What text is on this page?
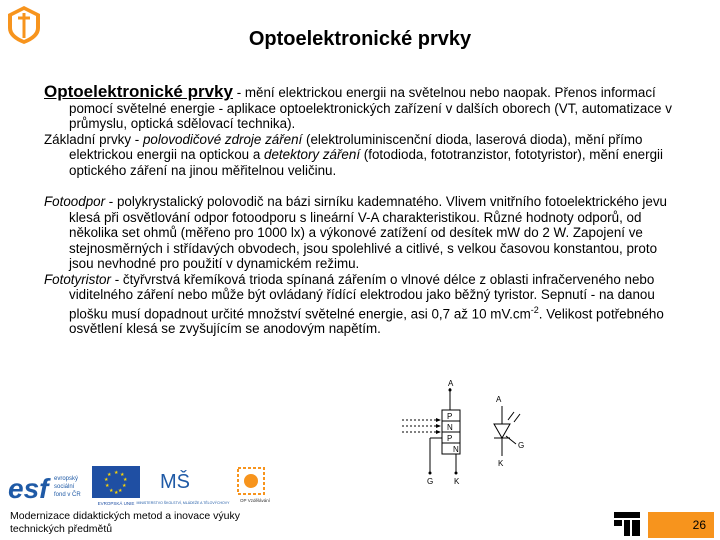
Optoelektronické prvky

Optoelektronické prvky - mění elektrickou energii na světelnou nebo naopak. Přenos informací pomocí světelné energie - aplikace optoelektronických zařízení v dalších oborech (VT, automatizace v průmyslu, optická sdělovací technika).

Základní prvky - polovodičové zdroje záření (elektroluminiscenční dioda, laserová dioda), mění přímo elektrickou energii na optickou a detektory záření (fotodioda, fototranzistor, fototyristor), mění energii optického záření na jinou měřitelnou veličinu.

Fotoodpor - polykrystalický polovodič na bázi sirníku kademnatého. Vlivem vnitřního fotoelektrického jevu klesá při osvětlování odpor fotoodporu s lineární V-A charakteristikou. Různé hodnoty odporů, od několika set ohmů (měřeno pro 1000 lx) a výkonové zatížení od desítek mW do 2 W. Zapojení ve stejnosměrných i střídavých obvodech, jsou spolehlivé a citlivé, s velkou časovou konstantou, proto jsou nevhodné pro použití v dynamickém režimu.

Fototyristor - čtyřvrstvá křemíková trioda spínaná zářením o vlnové délce z oblasti infračerveného nebo viditelného záření nebo může být ovládaný řídící elektrodou jako běžný tyristor. Sepnutí - na danou plošku musí dopadnout určité množství světelné energie, asi 0,7 až 10 $mV.cm^{-2}$. Velikost potřebného osvětlení klesá se zvyšujícím se anodovým napětím.

A
P
N
P
N
G	K
A
G
K
esf evropský
sociální
fond v ČR
★ ★
★
★
★
★
★
★
★
★
EVROPSKÁ UNIE
MŠ
MINISTERSTVO ŠKOLSTVÍ, MLÁDEŽE A TĚLOVÝCHOVY OP Vzdělávání
Modernizace didaktických metod a inovace výuky
technických předmětů	26
